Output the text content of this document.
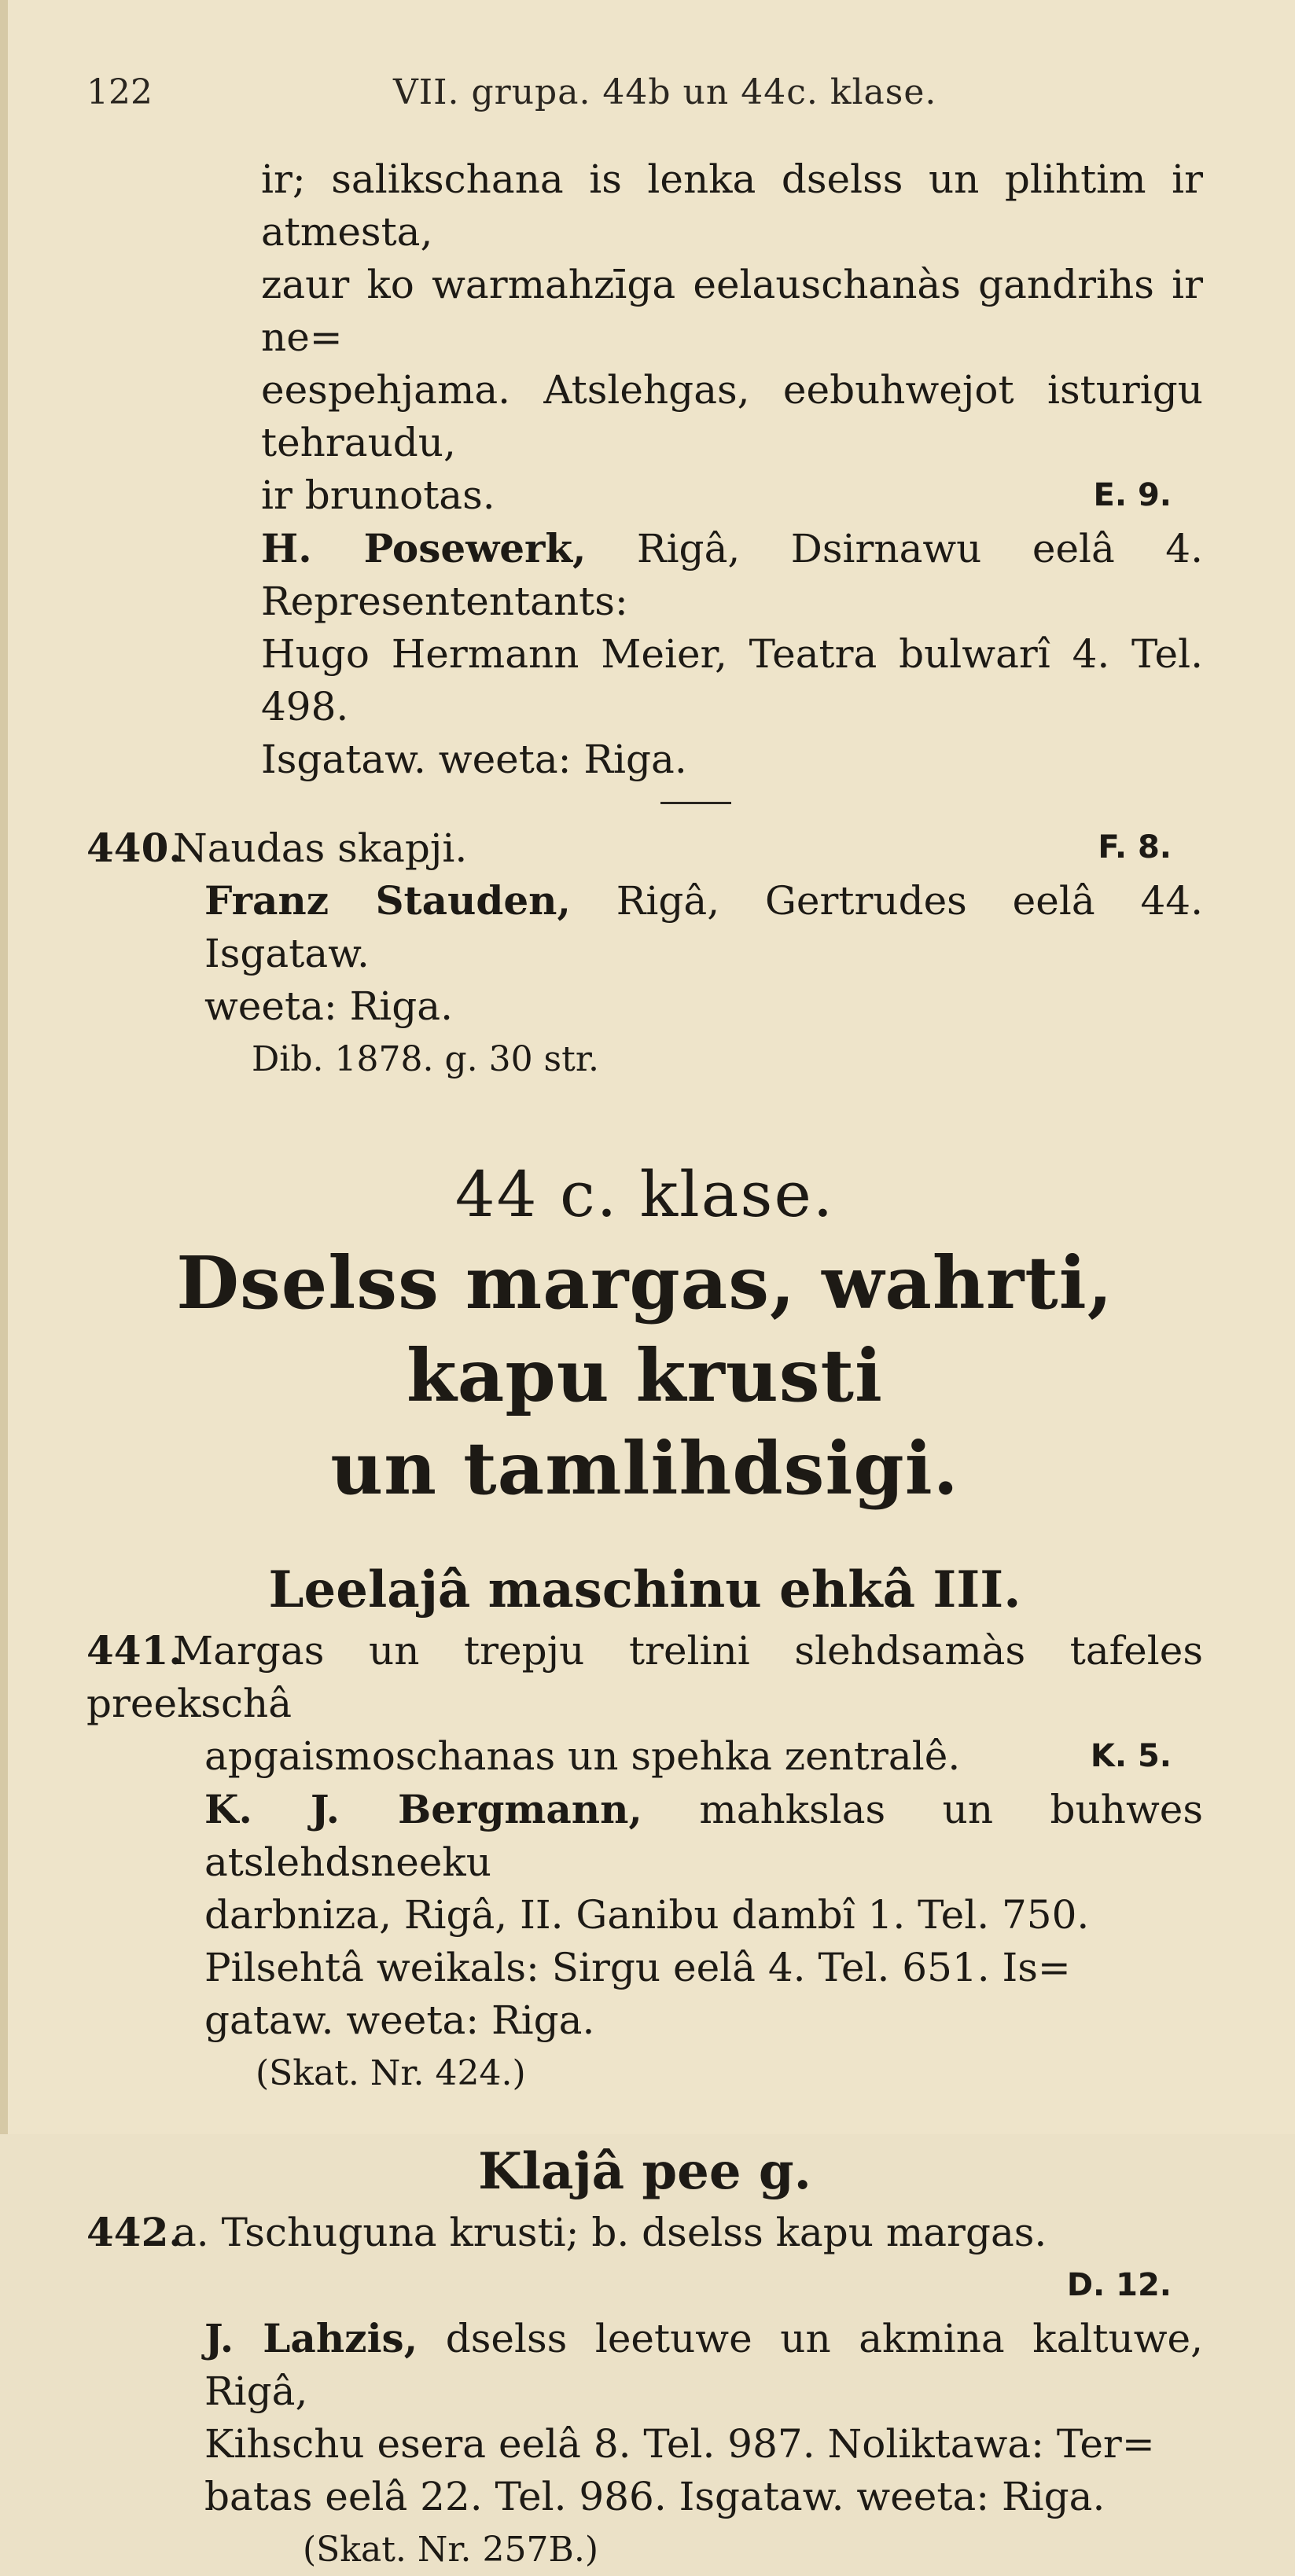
122	VII. grupa. 44b un 44c. klase.
ir; salikschana is lenka dselss un plihtim ir atmesta,
zaur ko warmahzīga eelauschanàs gandrihs ir ne=
eespehjama. Atslehgas, eebuhwejot isturigu tehraudu,
ir brunotas.	E. 9.
H. Posewerk, Rigâ, Dsirnawu eelâ 4. Represententants:
Hugo Hermann Meier, Teatra bulwarî 4. Tel. 498.
Isgataw. weeta: Riga.
440.Naudas skapji.	F. 8.
Franz Stauden, Rigâ, Gertrudes eelâ 44. Isgataw.
weeta: Riga.
Dib. 1878. g. 30 str.
44 c. klase.
Dselss margas, wahrti, kapu krusti
un tamlihdsigi.
Leelajâ maschinu ehkâ III.
441.Margas un trepju trelini slehdsamàs tafeles preekschâ
apgaismoschanas un spehka zentralê.	K. 5.
K. J. Bergmann, mahkslas un buhwes atslehdsneeku
darbniza, Rigâ, II. Ganibu dambî 1. Tel. 750.
Pilsehtâ weikals: Sirgu eelâ 4. Tel. 651. Is=
gataw. weeta: Riga.
(Skat. Nr. 424.)
Klajâ pee g.
442.a. Tschuguna krusti; b. dselss kapu margas.
D. 12.
J. Lahzis, dselss leetuwe un akmina kaltuwe, Rigâ,
Kihschu esera eelâ 8. Tel. 987. Noliktawa: Ter=
batas eelâ 22. Tel. 986. Isgataw. weeta: Riga.
(Skat. Nr. 257B.)
